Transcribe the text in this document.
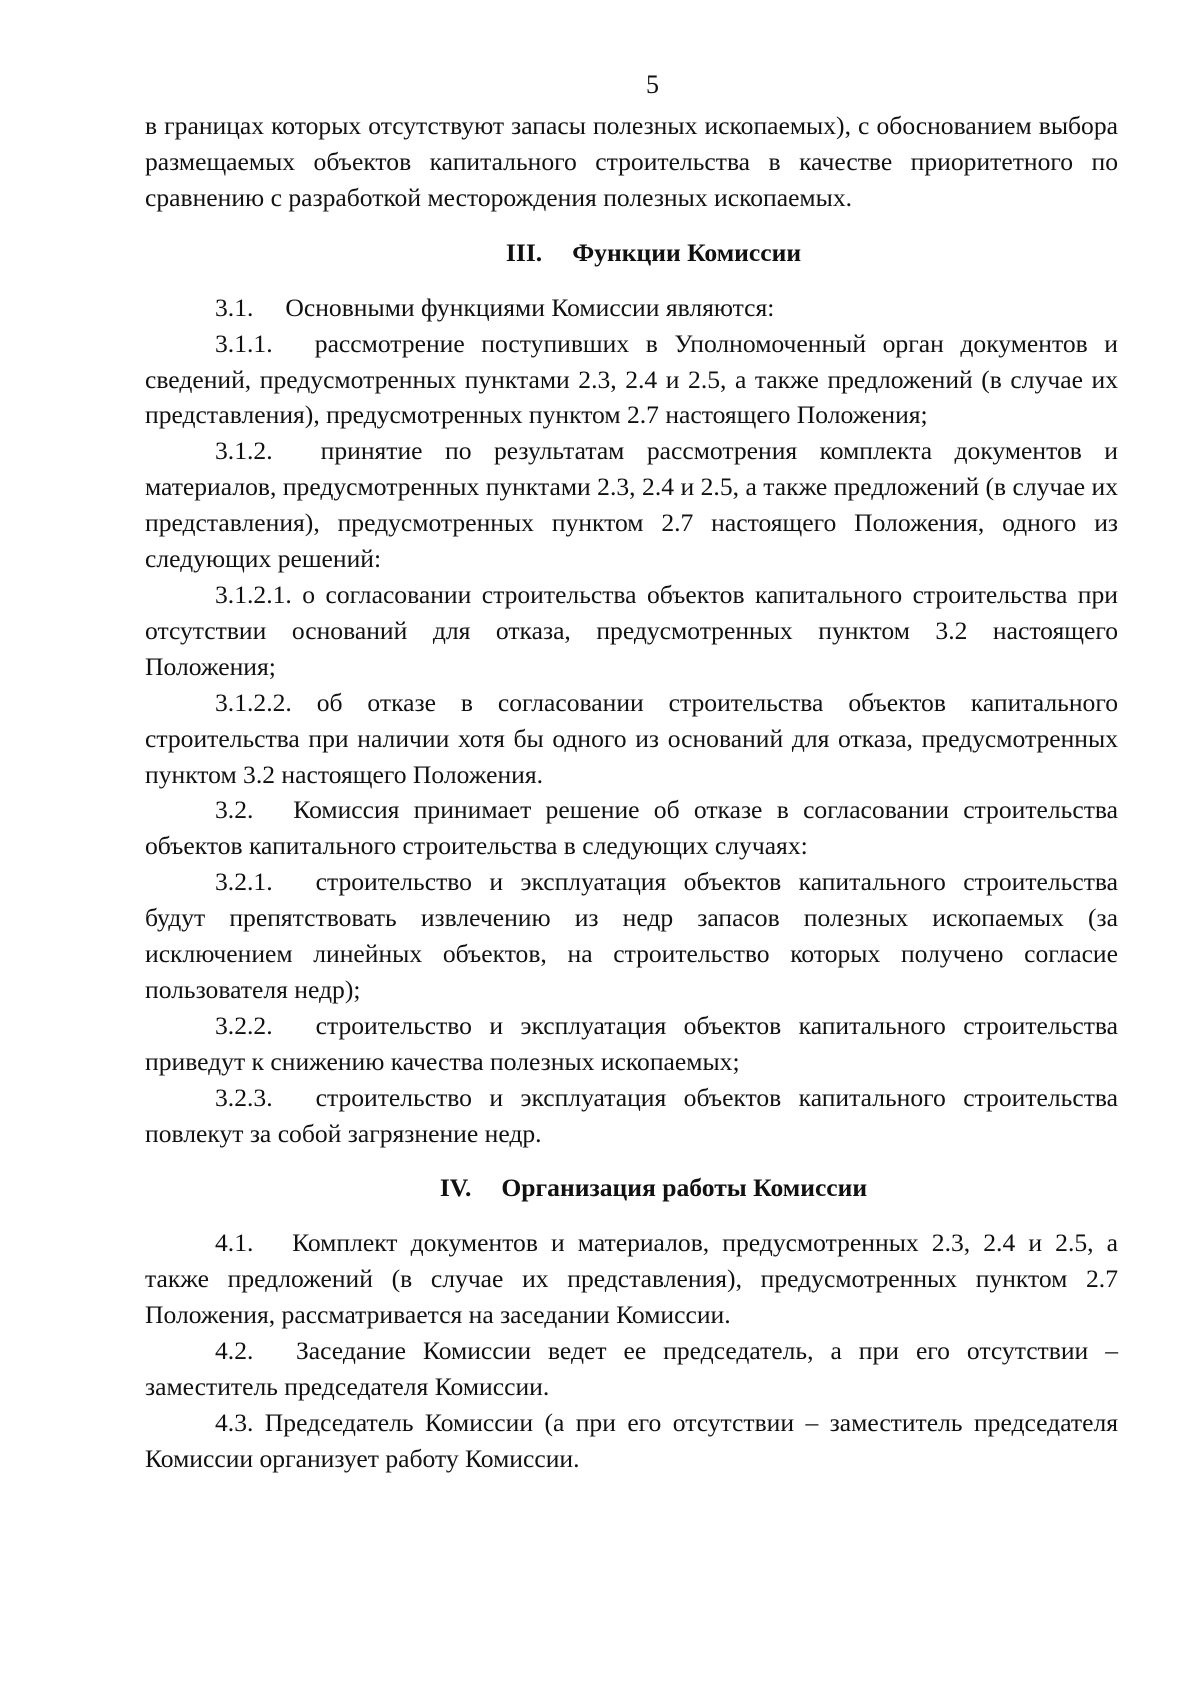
5

в границах которых отсутствуют запасы полезных ископаемых), с обоснованием выбора размещаемых объектов капитального строительства в качестве приоритетного по сравнению с разработкой месторождения полезных ископаемых.

III. Функции Комиссии

3.1.  Основными функциями Комиссии являются:

3.1.1.  рассмотрение поступивших в Уполномоченный орган документов и сведений, предусмотренных пунктами 2.3, 2.4 и 2.5, а также предложений (в случае их представления), предусмотренных пунктом 2.7 настоящего Положения;

3.1.2.  принятие по результатам рассмотрения комплекта документов и материалов, предусмотренных пунктами 2.3, 2.4 и 2.5, а также предложений (в случае их представления), предусмотренных пунктом 2.7 настоящего Положения, одного из следующих решений:

3.1.2.1. о согласовании строительства объектов капитального строительства при отсутствии оснований для отказа, предусмотренных пунктом 3.2 настоящего Положения;

3.1.2.2. об отказе в согласовании строительства объектов капитального строительства при наличии хотя бы одного из оснований для отказа, предусмотренных пунктом 3.2 настоящего Положения.

3.2.  Комиссия принимает решение об отказе в согласовании строительства объектов капитального строительства в следующих случаях:

3.2.1.  строительство и эксплуатация объектов капитального строительства будут препятствовать извлечению из недр запасов полезных ископаемых (за исключением линейных объектов, на строительство которых получено согласие пользователя недр);

3.2.2.  строительство и эксплуатация объектов капитального строительства приведут к снижению качества полезных ископаемых;

3.2.3.  строительство и эксплуатация объектов капитального строительства повлекут за собой загрязнение недр.

IV. Организация работы Комиссии

4.1.  Комплект документов и материалов, предусмотренных 2.3, 2.4 и 2.5, а также предложений (в случае их представления), предусмотренных пунктом 2.7 Положения, рассматривается на заседании Комиссии.

4.2.  Заседание Комиссии ведет ее председатель, а при его отсутствии – заместитель председателя Комиссии.

4.3. Председатель Комиссии (а при его отсутствии – заместитель председателя Комиссии организует работу Комиссии.
